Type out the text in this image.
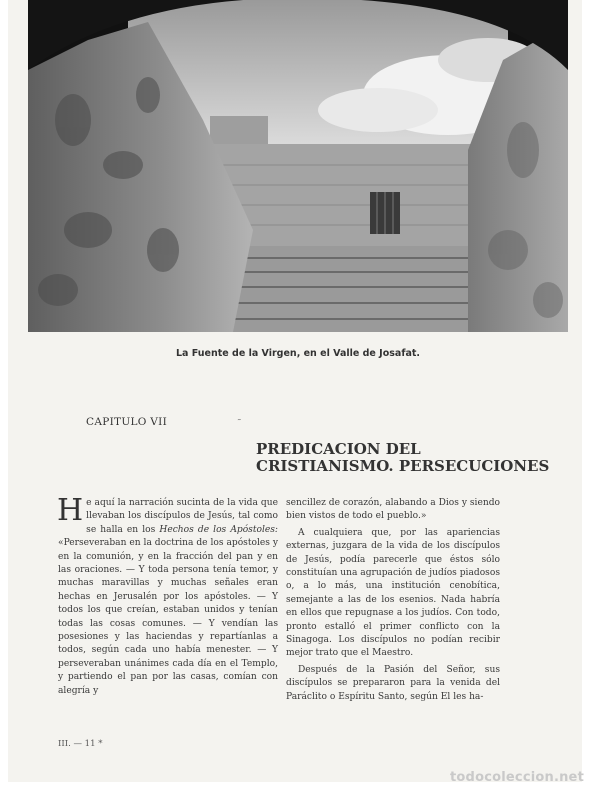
La Fuente de la Virgen, en el Valle de Josafat.
CAPITULO VII	˜
PREDICACION DEL
CRISTIANISMO. PERSECUCIONES

He aquí la narración sucinta de la vida que llevaban los discípulos de Jesús, tal como se halla en los Hechos de los Apóstoles: «Perseveraban en la doctrina de los apóstoles y en la comunión, y en la fracción del pan y en las oraciones. — Y toda persona tenía temor, y muchas maravillas y muchas señales eran hechas en Jerusalén por los apóstoles. — Y todos los que creían, estaban unidos y tenían todas las cosas comunes. — Y vendían las posesiones y las haciendas y repartíanlas a todos, según cada uno había menester. — Y perseveraban unánimes cada día en el Templo, y partiendo el pan por las casas, comían con alegría y

sencillez de corazón, alabando a Dios y siendo bien vistos de todo el pueblo.»

A cualquiera que, por las apariencias externas, juzgara de la vida de los discípulos de Jesús, podía parecerle que éstos sólo constituían una agrupación de judíos piadosos o, a lo más, una institución cenobítica, semejante a las de los esenios. Nada habría en ellos que repugnase a los judíos. Con todo, pronto estalló el primer conflicto con la Sinagoga. Los discípulos no podían recibir mejor trato que el Maestro.

Después de la Pasión del Señor, sus discípulos se prepararon para la venida del Paráclito o Espíritu Santo, según El les ha-

III. — 11 *
todocoleccion.net
